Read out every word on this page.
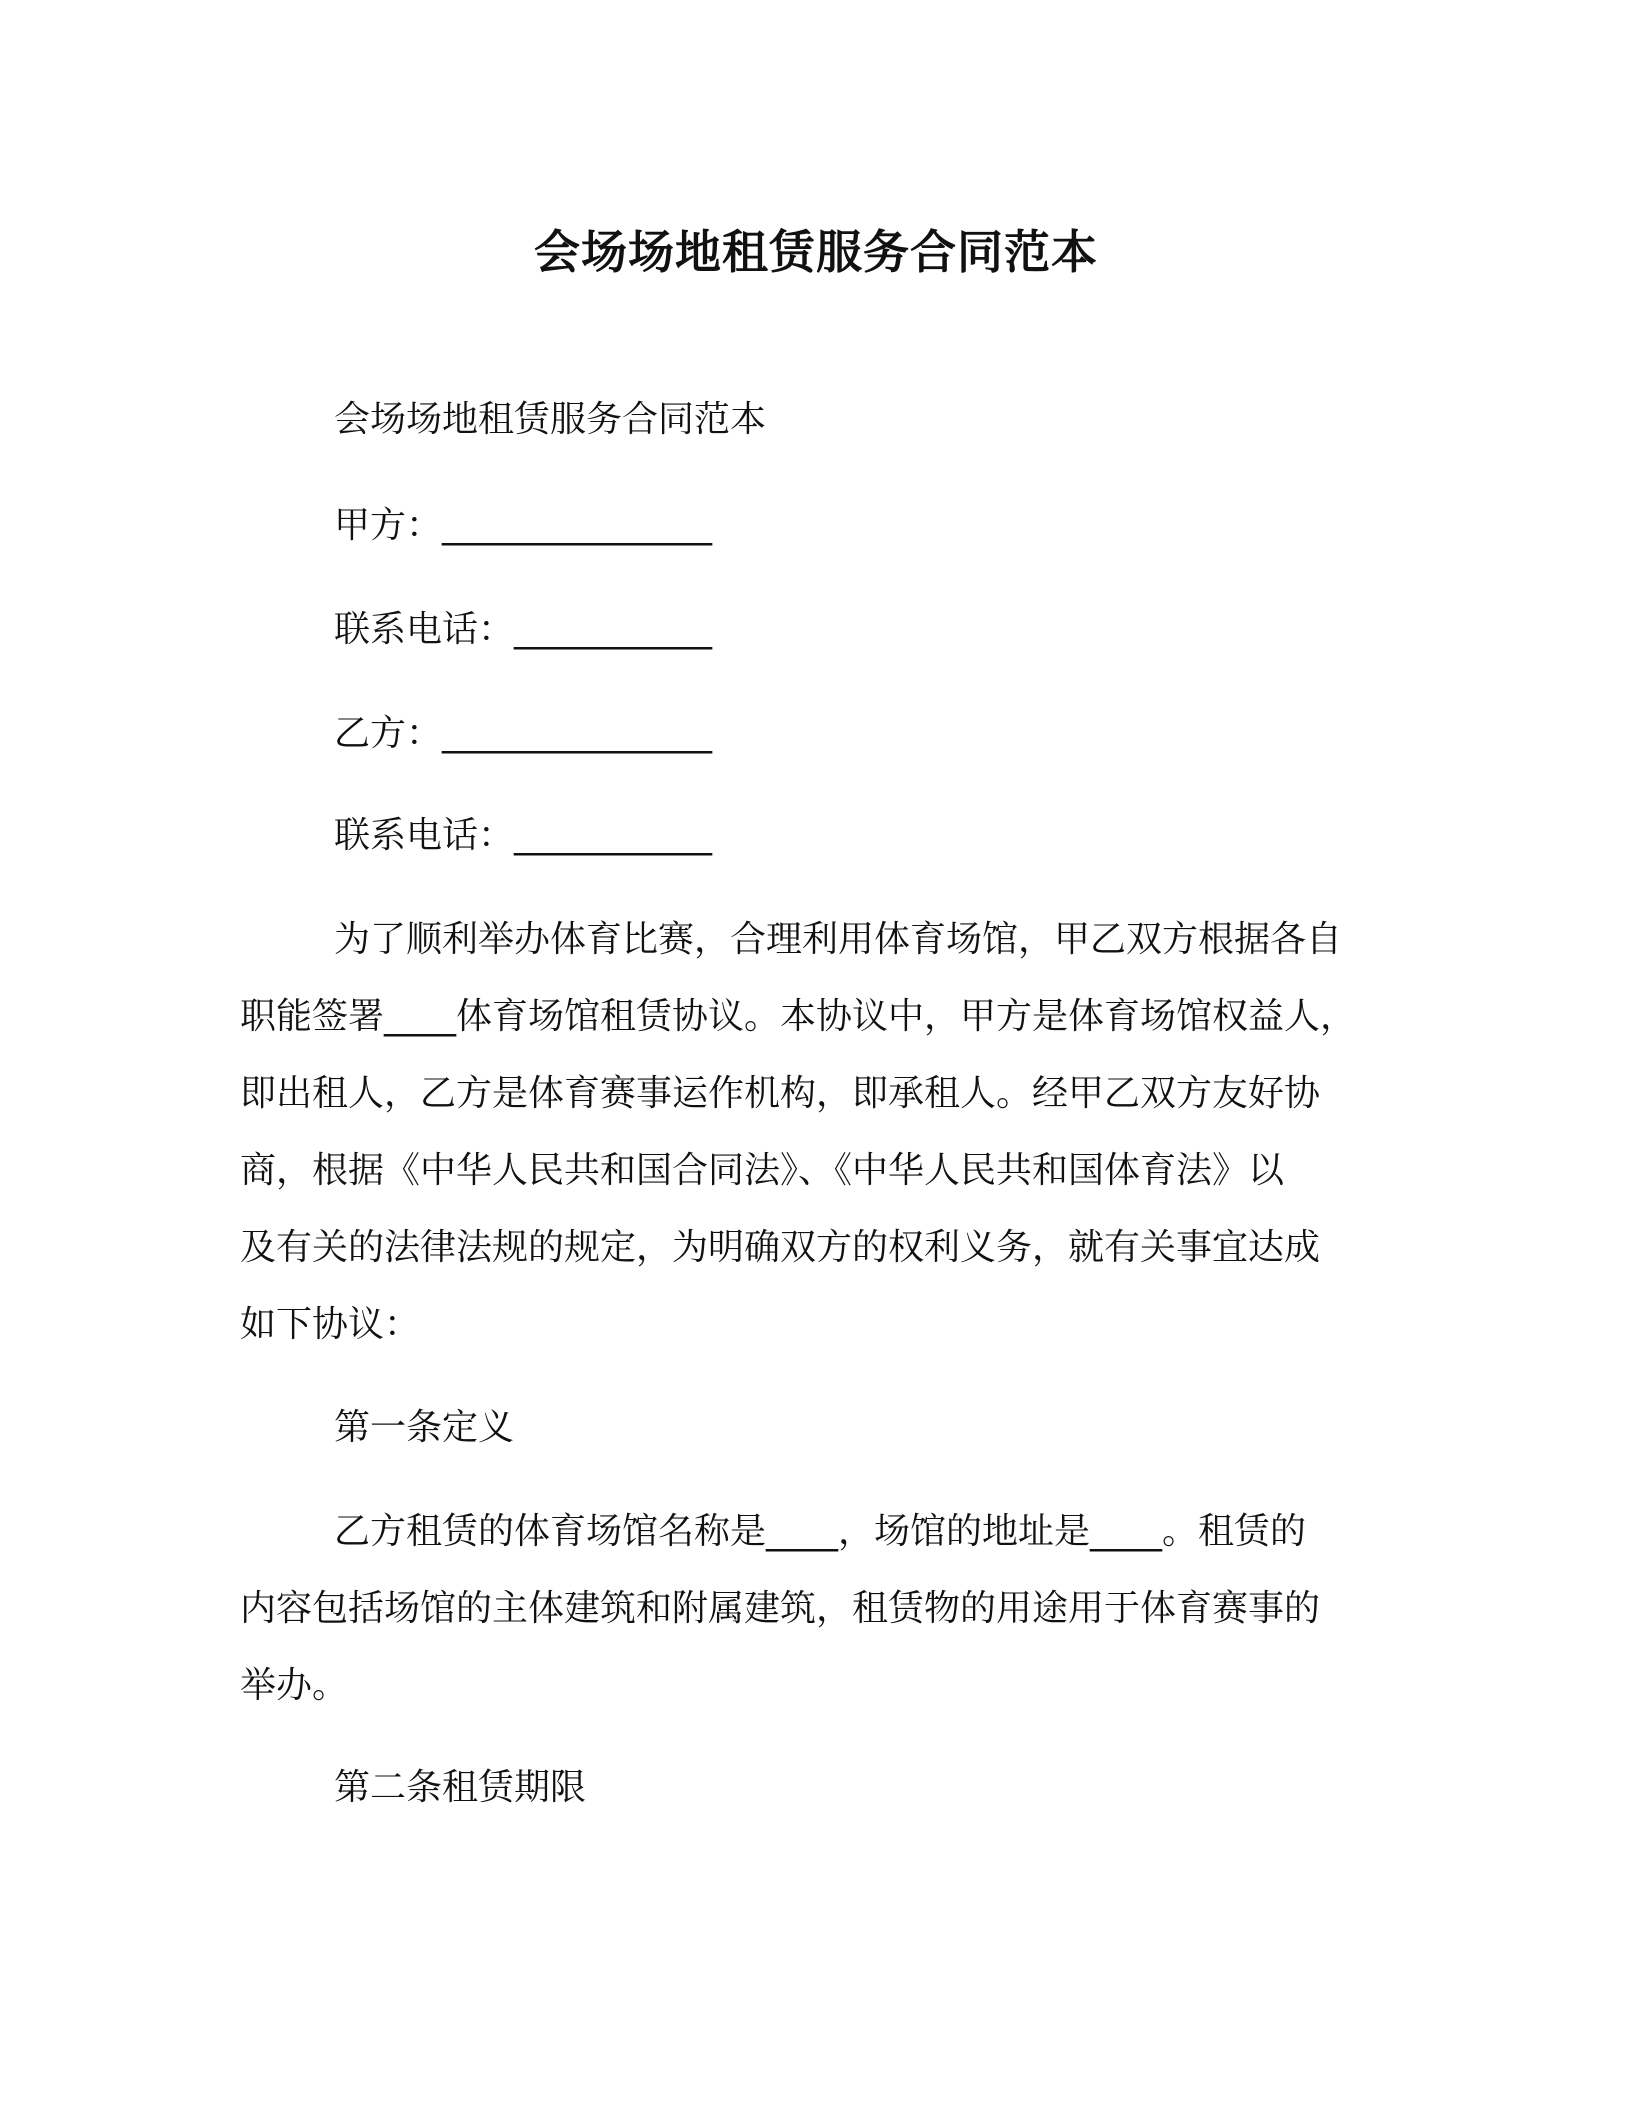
会场场地租赁服务合同范本
会场场地租赁服务合同范本
甲方：_______________
联系电话：___________
乙方：_______________
联系电话：___________
为了顺利举办体育比赛，合理利用体育场馆，甲乙双方根据各自
职能签署____体育场馆租赁协议。本协议中，甲方是体育场馆权益人，
即出租人，乙方是体育赛事运作机构，即承租人。经甲乙双方友好协
商，根据《中华人民共和国合同法》、《中华人民共和国体育法》以
及有关的法律法规的规定，为明确双方的权利义务，就有关事宜达成
如下协议：
第一条定义
乙方租赁的体育场馆名称是____，场馆的地址是____。租赁的
内容包括场馆的主体建筑和附属建筑，租赁物的用途用于体育赛事的
举办。
第二条租赁期限
